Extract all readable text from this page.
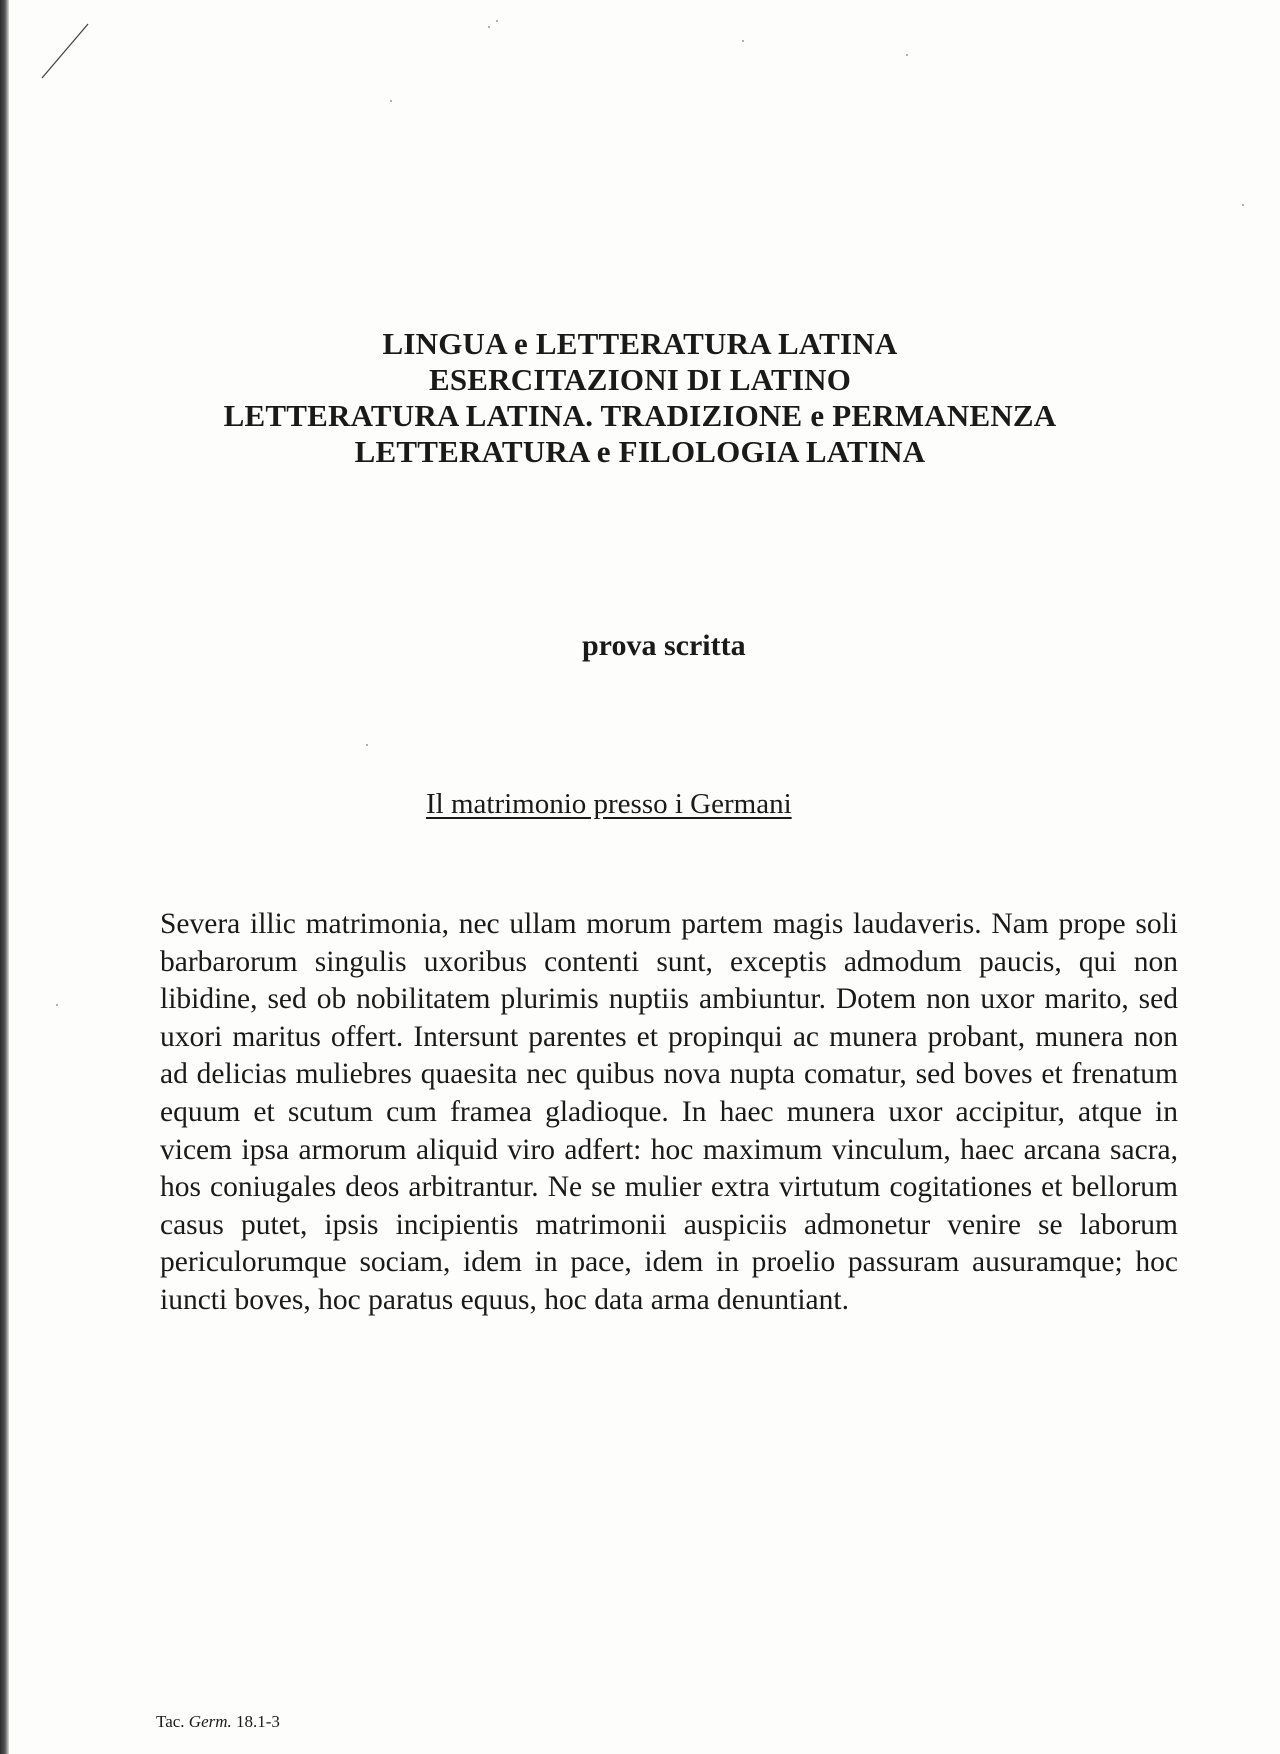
LINGUA e LETTERATURA LATINA
ESERCITAZIONI DI LATINO
LETTERATURA LATINA. TRADIZIONE e PERMANENZA
LETTERATURA e FILOLOGIA LATINA
prova scritta
Il matrimonio presso i Germani
Severa illic matrimonia, nec ullam morum partem magis laudaveris. Nam prope soli barbarorum singulis uxoribus contenti sunt, exceptis admodum paucis, qui non libidine, sed ob nobilitatem plurimis nuptiis ambiuntur. Dotem non uxor marito, sed uxori maritus offert. Intersunt parentes et propinqui ac munera probant, munera non ad delicias muliebres quaesita nec quibus nova nupta comatur, sed boves et frenatum equum et scutum cum framea gladioque. In haec munera uxor accipitur, atque in vicem ipsa armorum aliquid viro adfert: hoc maximum vinculum, haec arcana sacra, hos coniugales deos arbitrantur. Ne se mulier extra virtutum cogitationes et bellorum casus putet, ipsis incipientis matrimonii auspiciis admonetur venire se laborum periculorumque sociam, idem in pace, idem in proelio passuram ausuramque; hoc iuncti boves, hoc paratus equus, hoc data arma denuntiant.
Tac. Germ. 18.1-3
